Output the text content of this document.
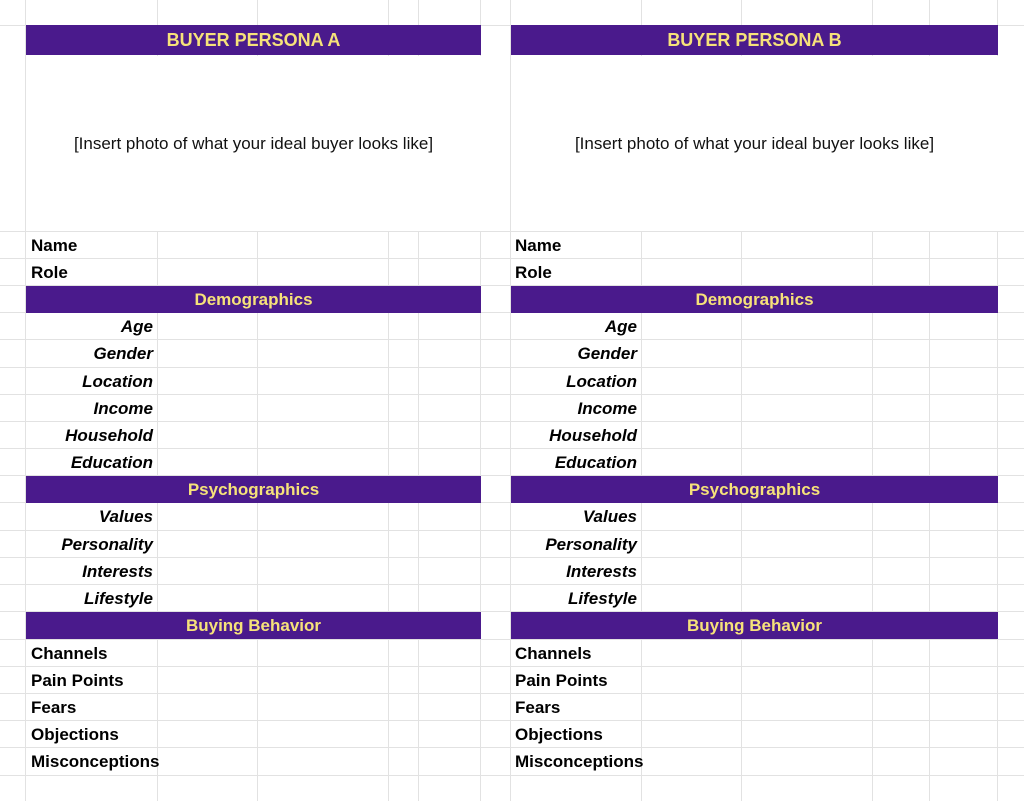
BUYER PERSONA A
[Insert photo of what your ideal buyer looks like]
Name
Role
Demographics
Age
Gender
Location
Income
Household
Education
Psychographics
Values
Personality
Interests
Lifestyle
Buying Behavior
Channels
Pain Points
Fears
Objections
Misconceptions
BUYER PERSONA B
[Insert photo of what your ideal buyer looks like]
Name
Role
Demographics
Age
Gender
Location
Income
Household
Education
Psychographics
Values
Personality
Interests
Lifestyle
Buying Behavior
Channels
Pain Points
Fears
Objections
Misconceptions
